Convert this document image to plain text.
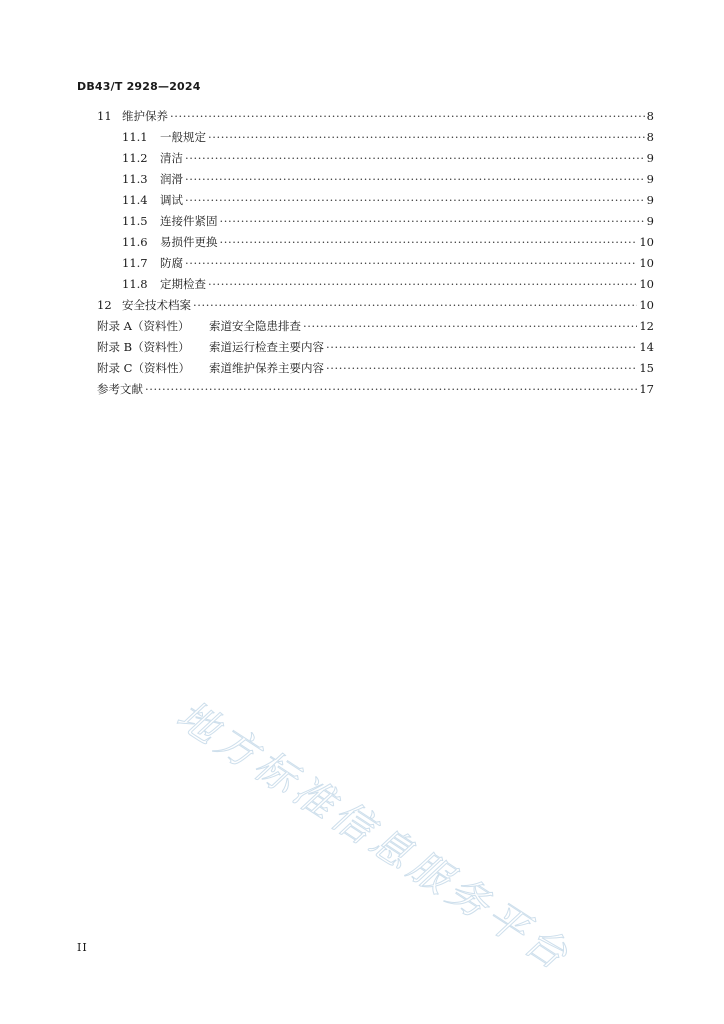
DB43/T 2928—2024
11 维护保养 ·····	8
11.1	一般规定 ·····	8
11.2	清洁 ·····	9
11.3	润滑 ·····	9
11.4	调试 ·····	9
11.5	连接件紧固 ·····	9
11.6	易损件更换 ·····	10
11.7	防腐 ·····	10
11.8	定期检查 ·····	10
12 安全技术档案 ·····	10
附录 A（资料性）	索道安全隐患排查 ·····	12
附录 B（资料性）	索道运行检查主要内容 ·····	14
附录 C（资料性）	索道维护保养主要内容 ·····	15
参考文献 ·····	17
地方标准信息服务平台
II
